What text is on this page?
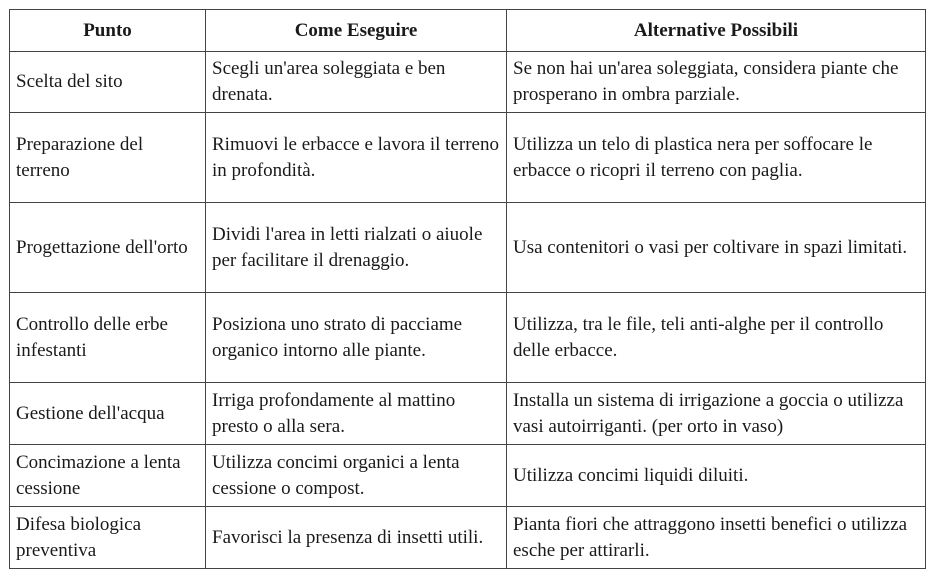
Punto	Come Eseguire	Alternative Possibili
Scelta del sito	Scegli un'area soleggiata e ben drenata.	Se non hai un'area soleggiata, considera piante che prosperano in ombra parziale.
Preparazione del terreno	Rimuovi le erbacce e lavora il terreno in profondità.	Utilizza un telo di plastica nera per soffocare le erbacce o ricopri il terreno con paglia.
Progettazione dell'orto	Dividi l'area in letti rialzati o aiuole per facilitare il drenaggio.	Usa contenitori o vasi per coltivare in spazi limitati.
Controllo delle erbe infestanti	Posiziona uno strato di pacciame organico intorno alle piante.	Utilizza, tra le file, teli anti-alghe per il controllo delle erbacce.
Gestione dell'acqua	Irriga profondamente al mattino presto o alla sera.	Installa un sistema di irrigazione a goccia o utilizza vasi autoirriganti. (per orto in vaso)
Concimazione a lenta cessione	Utilizza concimi organici a lenta cessione o compost.	Utilizza concimi liquidi diluiti.
Difesa biologica preventiva	Favorisci la presenza di insetti utili.	Pianta fiori che attraggono insetti benefici o utilizza esche per attirarli.
